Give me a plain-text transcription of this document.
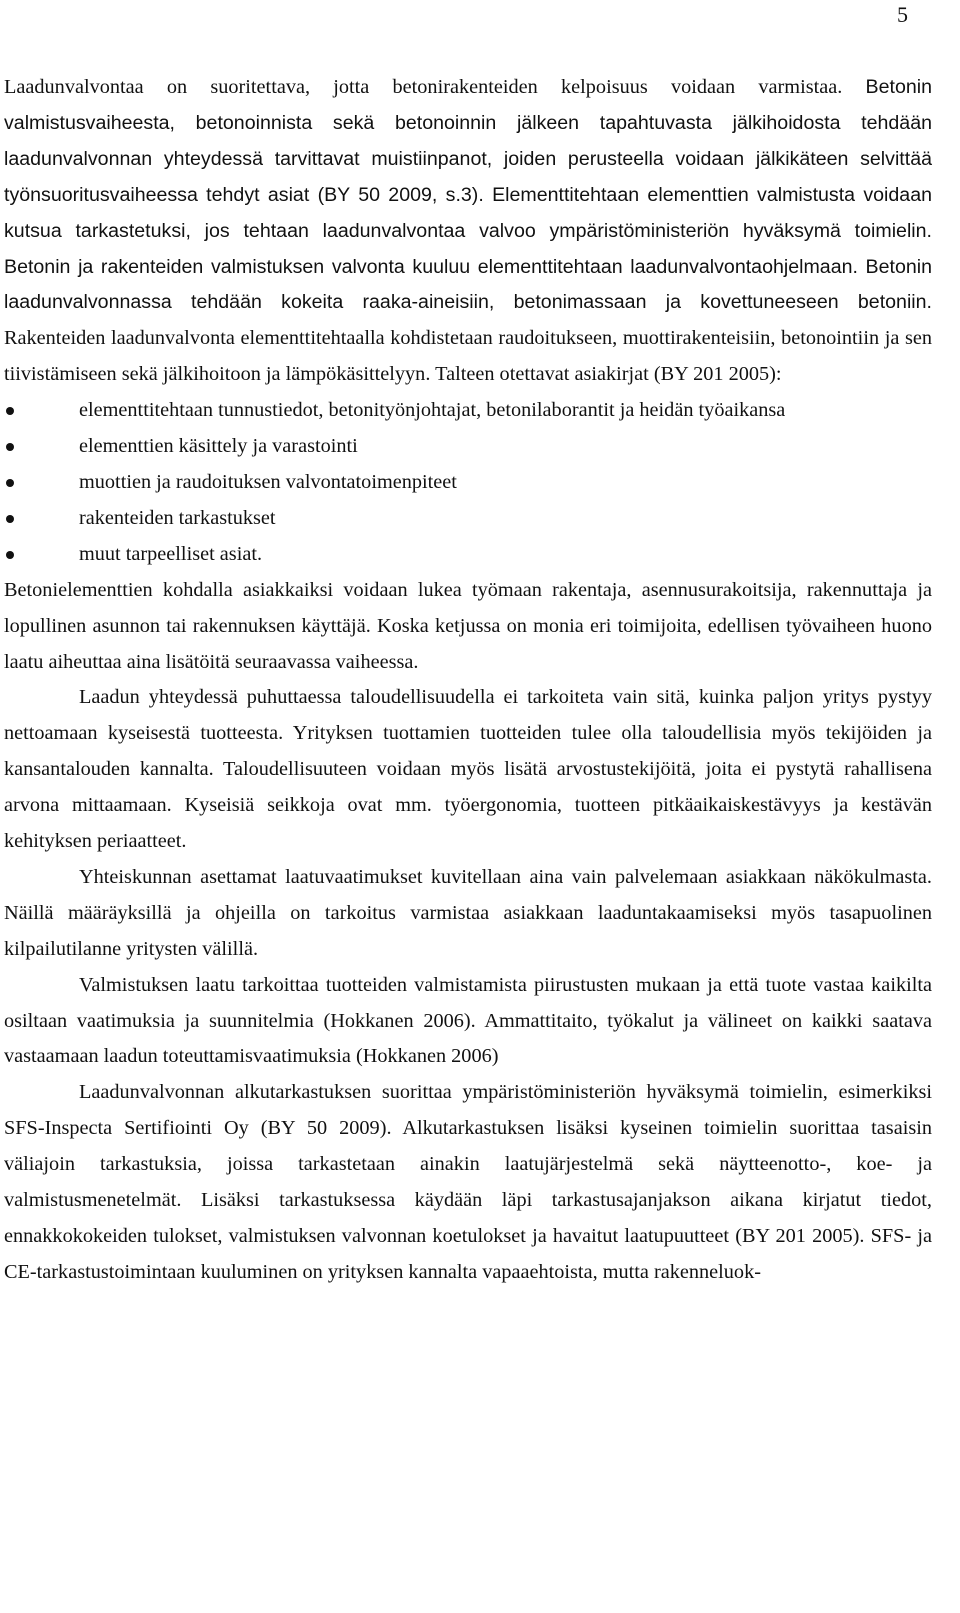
5

Laadunvalvontaa on suoritettava, jotta betonirakenteiden kelpoisuus voidaan varmistaa. Betonin valmistusvaiheesta, betonoinnista sekä betonoinnin jälkeen tapahtuvasta jälkihoidosta tehdään laadunvalvonnan yhteydessä tarvittavat muistiinpanot, joiden perusteella voidaan jälkikäteen selvittää työnsuoritusvaiheessa tehdyt asiat (BY 50 2009, s.3). Elementtitehtaan elementtien valmistusta voidaan kutsua tarkastetuksi, jos tehtaan laadunvalvontaa valvoo ympäristöministeriön hyväksymä toimielin. Betonin ja rakenteiden valmistuksen valvonta kuuluu elementtitehtaan laadunvalvontaohjelmaan. Betonin laadunvalvonnassa tehdään kokeita raaka-aineisiin, betonimassaan ja kovettuneeseen betoniin. Rakenteiden laadunvalvonta elementtitehtaalla kohdistetaan raudoitukseen, muottirakenteisiin, betonointiin ja sen tiivistämiseen sekä jälkihoitoon ja lämpökäsittelyyn. Talteen otettavat asiakirjat (BY 201 2005):

elementtitehtaan tunnustiedot, betonityönjohtajat, betonilaborantit ja heidän työaikansa
elementtien käsittely ja varastointi
muottien ja raudoituksen valvontatoimenpiteet
rakenteiden tarkastukset
muut tarpeelliset asiat.

Betonielementtien kohdalla asiakkaiksi voidaan lukea työmaan rakentaja, asennusurakoitsija, rakennuttaja ja lopullinen asunnon tai rakennuksen käyttäjä. Koska ketjussa on monia eri toimijoita, edellisen työvaiheen huono laatu aiheuttaa aina lisätöitä seuraavassa vaiheessa.

Laadun yhteydessä puhuttaessa taloudellisuudella ei tarkoiteta vain sitä, kuinka paljon yritys pystyy nettoamaan kyseisestä tuotteesta. Yrityksen tuottamien tuotteiden tulee olla taloudellisia myös tekijöiden ja kansantalouden kannalta. Taloudellisuuteen voidaan myös lisätä arvostustekijöitä, joita ei pystytä rahallisena arvona mittaamaan. Kyseisiä seikkoja ovat mm. työergonomia, tuotteen pitkäaikaiskestävyys ja kestävän kehityksen periaatteet.

Yhteiskunnan asettamat laatuvaatimukset kuvitellaan aina vain palvelemaan asiakkaan näkökulmasta. Näillä määräyksillä ja ohjeilla on tarkoitus varmistaa asiakkaan laaduntakaamiseksi myös tasapuolinen kilpailutilanne yritysten välillä.

Valmistuksen laatu tarkoittaa tuotteiden valmistamista piirustusten mukaan ja että tuote vastaa kaikilta osiltaan vaatimuksia ja suunnitelmia (Hokkanen 2006). Ammattitaito, työkalut ja välineet on kaikki saatava vastaamaan laadun toteuttamisvaatimuksia (Hokkanen 2006)

Laadunvalvonnan alkutarkastuksen suorittaa ympäristöministeriön hyväksymä toimielin, esimerkiksi SFS-Inspecta Sertifiointi Oy (BY 50 2009). Alkutarkastuksen lisäksi kyseinen toimielin suorittaa tasaisin väliajoin tarkastuksia, joissa tarkastetaan ainakin laatujärjestelmä sekä näytteenotto-, koe- ja valmistusmenetelmät. Lisäksi tarkastuksessa käydään läpi tarkastusajanjakson aikana kirjatut tiedot, ennakkokokeiden tulokset, valmistuksen valvonnan koetulokset ja havaitut laatupuutteet (BY 201 2005). SFS- ja CE-tarkastustoimintaan kuuluminen on yrityksen kannalta vapaaehtoista, mutta rakenneluok-
